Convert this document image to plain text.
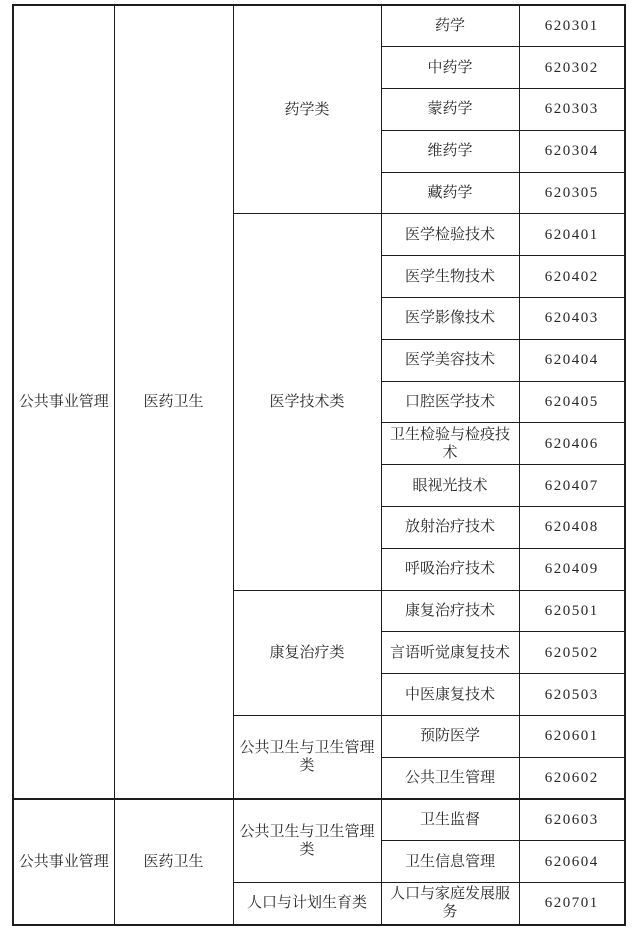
公共事业管理	医药卫生	药学类	药学	620301
			中药学	620302
			蒙药学	620303
			维药学	620304
			藏药学	620305
		医学技术类	医学检验技术	620401
			医学生物技术	620402
			医学影像技术	620403
			医学美容技术	620404
			口腔医学技术	620405
			卫生检验与检疫技术	620406
			眼视光技术	620407
			放射治疗技术	620408
			呼吸治疗技术	620409
		康复治疗类	康复治疗技术	620501
			言语听觉康复技术	620502
			中医康复技术	620503
		公共卫生与卫生管理类	预防医学	620601
			公共卫生管理	620602
公共事业管理	医药卫生	公共卫生与卫生管理类	卫生监督	620603
			卫生信息管理	620604
		人口与计划生育类	人口与家庭发展服务	620701
